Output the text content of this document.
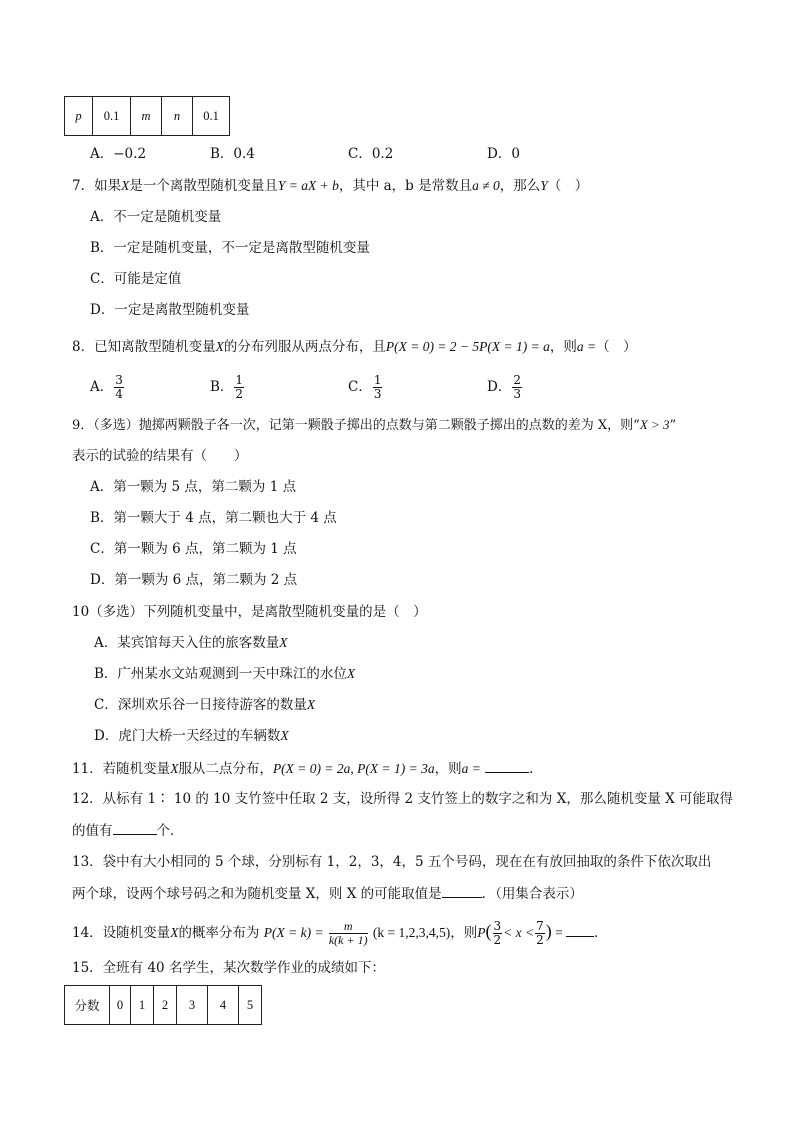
p	0.1	m	n	0.1
A．−0.2	B．0.4	C．0.2	D．0
7．如果X是一个离散型随机变量且Y = aX + b，其中 a，b 是常数且a ≠ 0，那么Y（　）
A．不一定是随机变量
B．一定是随机变量，不一定是离散型随机变量
C．可能是定值
D．一定是离散型随机变量
8．已知离散型随机变量X的分布列服从两点分布，且P(X = 0) = 2 − 5P(X = 1) = a，则a =（　）
A． $\frac{3}{4}$	B． $\frac{1}{2}$	C． $\frac{1}{3}$	D． $\frac{2}{3}$
9．（多选）抛掷两颗骰子各一次，记第一颗骰子掷出的点数与第二颗骰子掷出的点数的差为 X，则“X > 3”
表示的试验的结果有（　　）
A．第一颗为 5 点，第二颗为 1 点
B．第一颗大于 4 点，第二颗也大于 4 点
C．第一颗为 6 点，第二颗为 1 点
D．第一颗为 6 点，第二颗为 2 点
10（多选）下列随机变量中，是离散型随机变量的是（　）
A．某宾馆每天入住的旅客数量X
B．广州某水文站观测到一天中珠江的水位X
C．深圳欢乐谷一日接待游客的数量X
D．虎门大桥一天经过的车辆数X
11．若随机变量X服从二点分布，P(X = 0) = 2a, P(X = 1) = 3a，则a =	.
12．从标有 1∶ 10 的 10 支竹签中任取 2 支，设所得 2 支竹签上的数字之和为 X，那么随机变量 X 可能取得
的值有	个．
13．袋中有大小相同的 5 个球，分别标有 1，2，3，4，5 五个号码，现在在有放回抽取的条件下依次取出
两个球，设两个球号码之和为随机变量 X，则 X 的可能取值是	．（用集合表示）
14．设随机变量X的概率分布为 $P(X = k) = \frac{m}{k(k + 1)} (k = 1,2,3,4,5)$，则$P( \frac{3}{2} < x < \frac{7}{2}$ ) = ．
15．全班有 40 名学生，某次数学作业的成绩如下：
分数	0	1	2	3	4	5
